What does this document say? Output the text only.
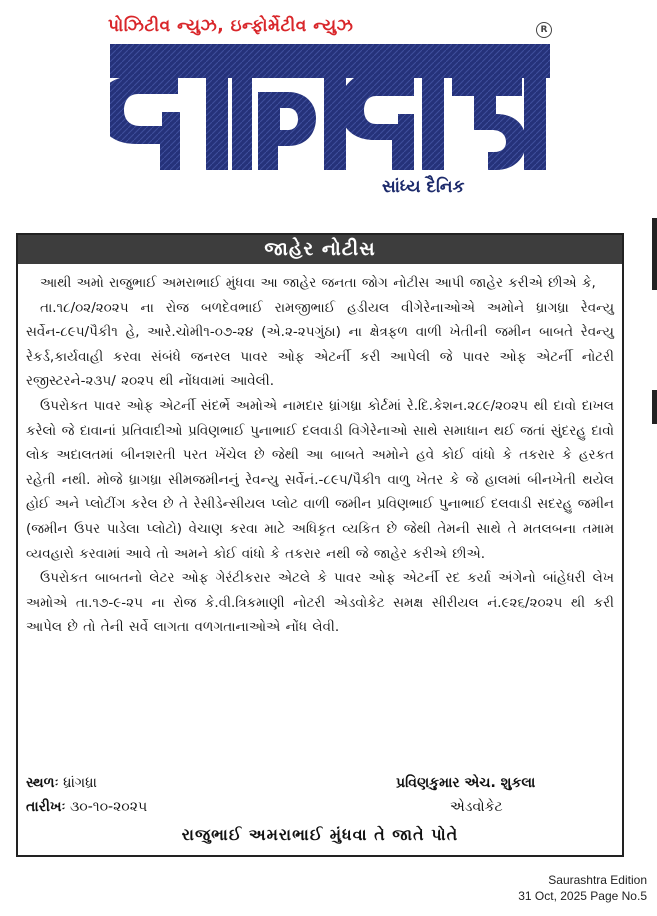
પોઝિટીવ ન્યુઝ, ઇન્ફોર્મેટીવ ન્યુઝ	R
સાંધ્ય દૈનિક
જાહેર નોટીસ

આથી અમો રાજુભાઈ અમરાભાઈ મુંધવા આ જાહેર જનતા જોગ નોટીસ આપી જાહેર કરીએ છીએ કે,

તા.૧૮/૦૨/૨૦૨૫ ના રોજ બળદેવભાઈ રામજીભાઈ હડીયલ વીગેરેનાઓએ અમોને ધ્રાગધ્રા રેવન્યુ સર્વેન-૮૯૫/પૈકી૧ હે, આરે.ચોમી૧-૦૭-૨૪ (એ.૨-૨૫ગુંઠા) ના ક્ષેત્રફળ વાળી ખેતીની જમીન બાબતે રેવન્યુ રેકર્ડ,કાર્યવાહી કરવા સંબંધે જનરલ પાવર ઓફ એટર્ની કરી આપેલી જે પાવર ઓફ એટર્ની નોટરી રજીસ્ટરને-૨૩૫/ ૨૦૨૫ થી નોંધવામાં આવેલી.

ઉપરોકત પાવર ઓફ એટર્ની સંદર્ભે અમોએ નામદાર ધ્રાંગધ્રા કોર્ટમાં રે.દિ.કેશન.૨૮૯/૨૦૨૫ થી દાવો દાખલ કરેલો જે દાવાનાં પ્રતિવાદીઓ પ્રવિણભાઈ પુનાભાઈ દલવાડી વિગેરેનાઓ સાથે સમાધાન થઈ જતાં સુંદરહુ દાવો લોક અદાલતમાં બીનશરતી પરત ખેંચેલ છે જેથી આ બાબતે અમોને હવે કોઈ વાંધો કે તકરાર કે હરકત રહેતી નથી. મોજે ધ્રાગધ્રા સીમજમીનનું રેવન્યુ સર્વેનં.-૮૯૫/પૈકી૧ વાળુ ખેતર કે જે હાલમાં બીનખેતી થયેલ હોઈ અને પ્લોટીંગ કરેલ છે તે રેસીડેન્સીયલ પ્લોટ વાળી જમીન પ્રવિણભાઈ પુનાભાઈ દલવાડી સદરહુ જમીન (જમીન ઉપર પાડેલા પ્લોટો) વેચાણ કરવા માટે અધિકૃત વ્યકિત છે જેથી તેમની સાથે તે મતલબના તમામ વ્યવહારો કરવામાં આવે તો અમને કોઈ વાંધો કે તકરાર નથી જે જાહેર કરીએ છીએ.

ઉપરોકત બાબતનો લેટર ઓફ ગેરંટીકરાર એટલે કે પાવર ઓફ એટર્ની રદ કર્યા અંગેનો બાંહેધરી લેખ અમોએ તા.૧૭-૯-૨૫ ના રોજ કે.વી.ત્રિકમાણી નોટરી એડવોકેટ સમક્ષ સીરીયલ નં.૯૨૬/૨૦૨૫ થી કરી આપેલ છે તો તેની સર્વે લાગતા વળગતાનાઓએ નોંધ લેવી.

સ્થળઃ ધ્રાંગધ્રા	પ્રવિણકુમાર એચ. શુકલા
તારીખઃ ૩૦-૧૦-૨૦૨૫	એડવોકેટ
રાજુભાઈ અમરાભાઈ મુંધવા તે જાતે પોતે
Saurashtra Edition
31 Oct, 2025 Page No.5
